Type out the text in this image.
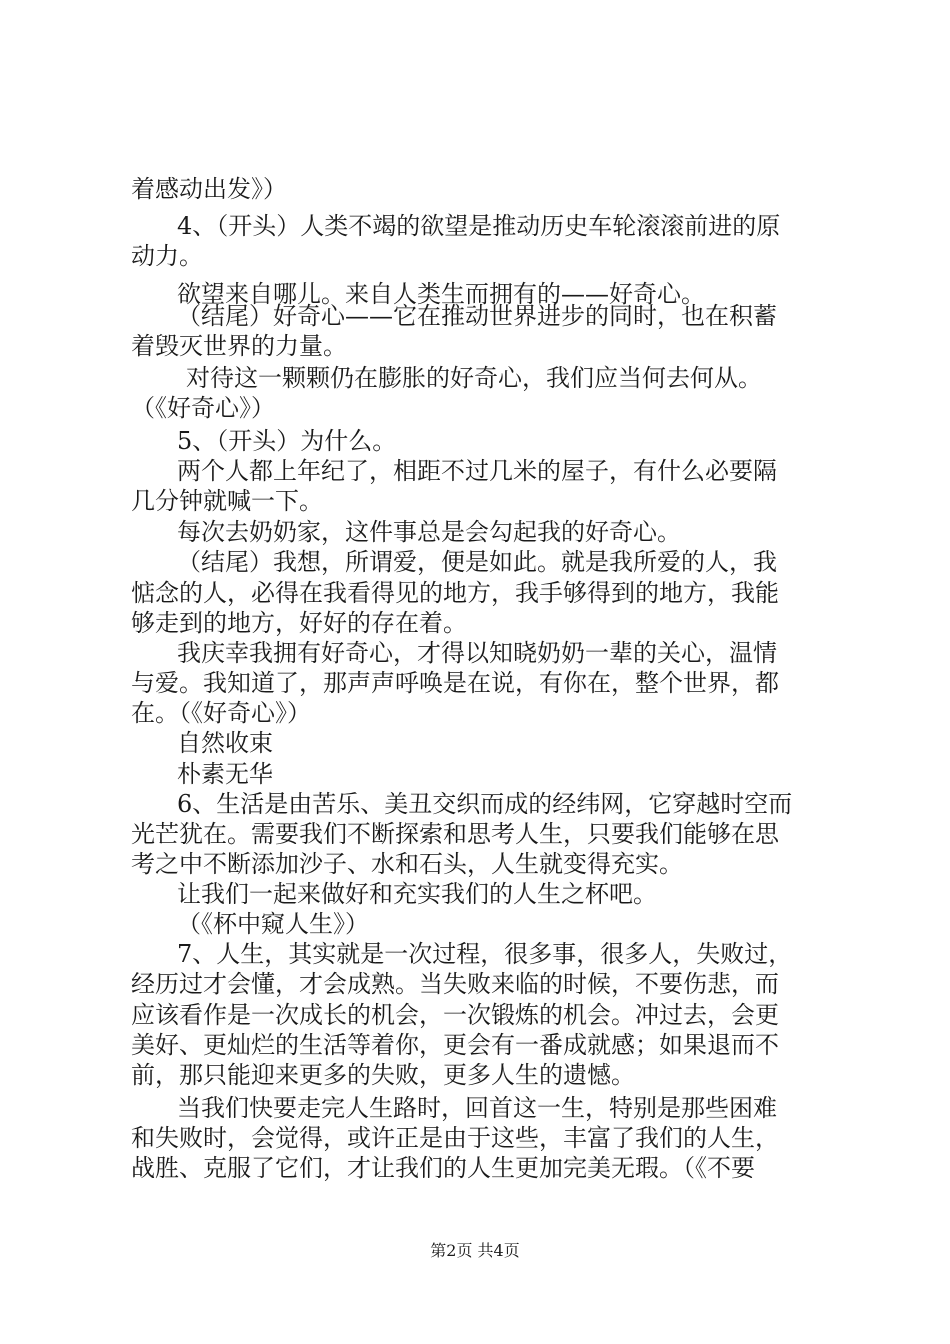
着感动出发》）
4、（开头）人类不竭的欲望是推动历史车轮滚滚前进的原
动力。
欲望来自哪儿。来自人类生而拥有的——好奇心。
（结尾）好奇心——它在推动世界进步的同时，也在积蓄
着毁灭世界的力量。
对待这一颗颗仍在膨胀的好奇心，我们应当何去何从。
（《好奇心》）
5、（开头）为什么。
两个人都上年纪了，相距不过几米的屋子，有什么必要隔
几分钟就喊一下。
每次去奶奶家，这件事总是会勾起我的好奇心。
（结尾）我想，所谓爱，便是如此。就是我所爱的人，我
惦念的人，必得在我看得见的地方，我手够得到的地方，我能
够走到的地方，好好的存在着。
我庆幸我拥有好奇心，才得以知晓奶奶一辈的关心，温情
与爱。我知道了，那声声呼唤是在说，有你在，整个世界，都
在。（《好奇心》）
自然收束
朴素无华
6、生活是由苦乐、美丑交织而成的经纬网，它穿越时空而
光芒犹在。需要我们不断探索和思考人生，只要我们能够在思
考之中不断添加沙子、水和石头，人生就变得充实。
让我们一起来做好和充实我们的人生之杯吧。
（《杯中窥人生》）
7、人生，其实就是一次过程，很多事，很多人，失败过，
经历过才会懂，才会成熟。当失败来临的时候，不要伤悲，而
应该看作是一次成长的机会，一次锻炼的机会。冲过去，会更
美好、更灿烂的生活等着你，更会有一番成就感；如果退而不
前，那只能迎来更多的失败，更多人生的遗憾。
当我们快要走完人生路时，回首这一生，特别是那些困难
和失败时，会觉得，或许正是由于这些，丰富了我们的人生，
战胜、克服了它们，才让我们的人生更加完美无瑕。（《不要
第2页 共4页
